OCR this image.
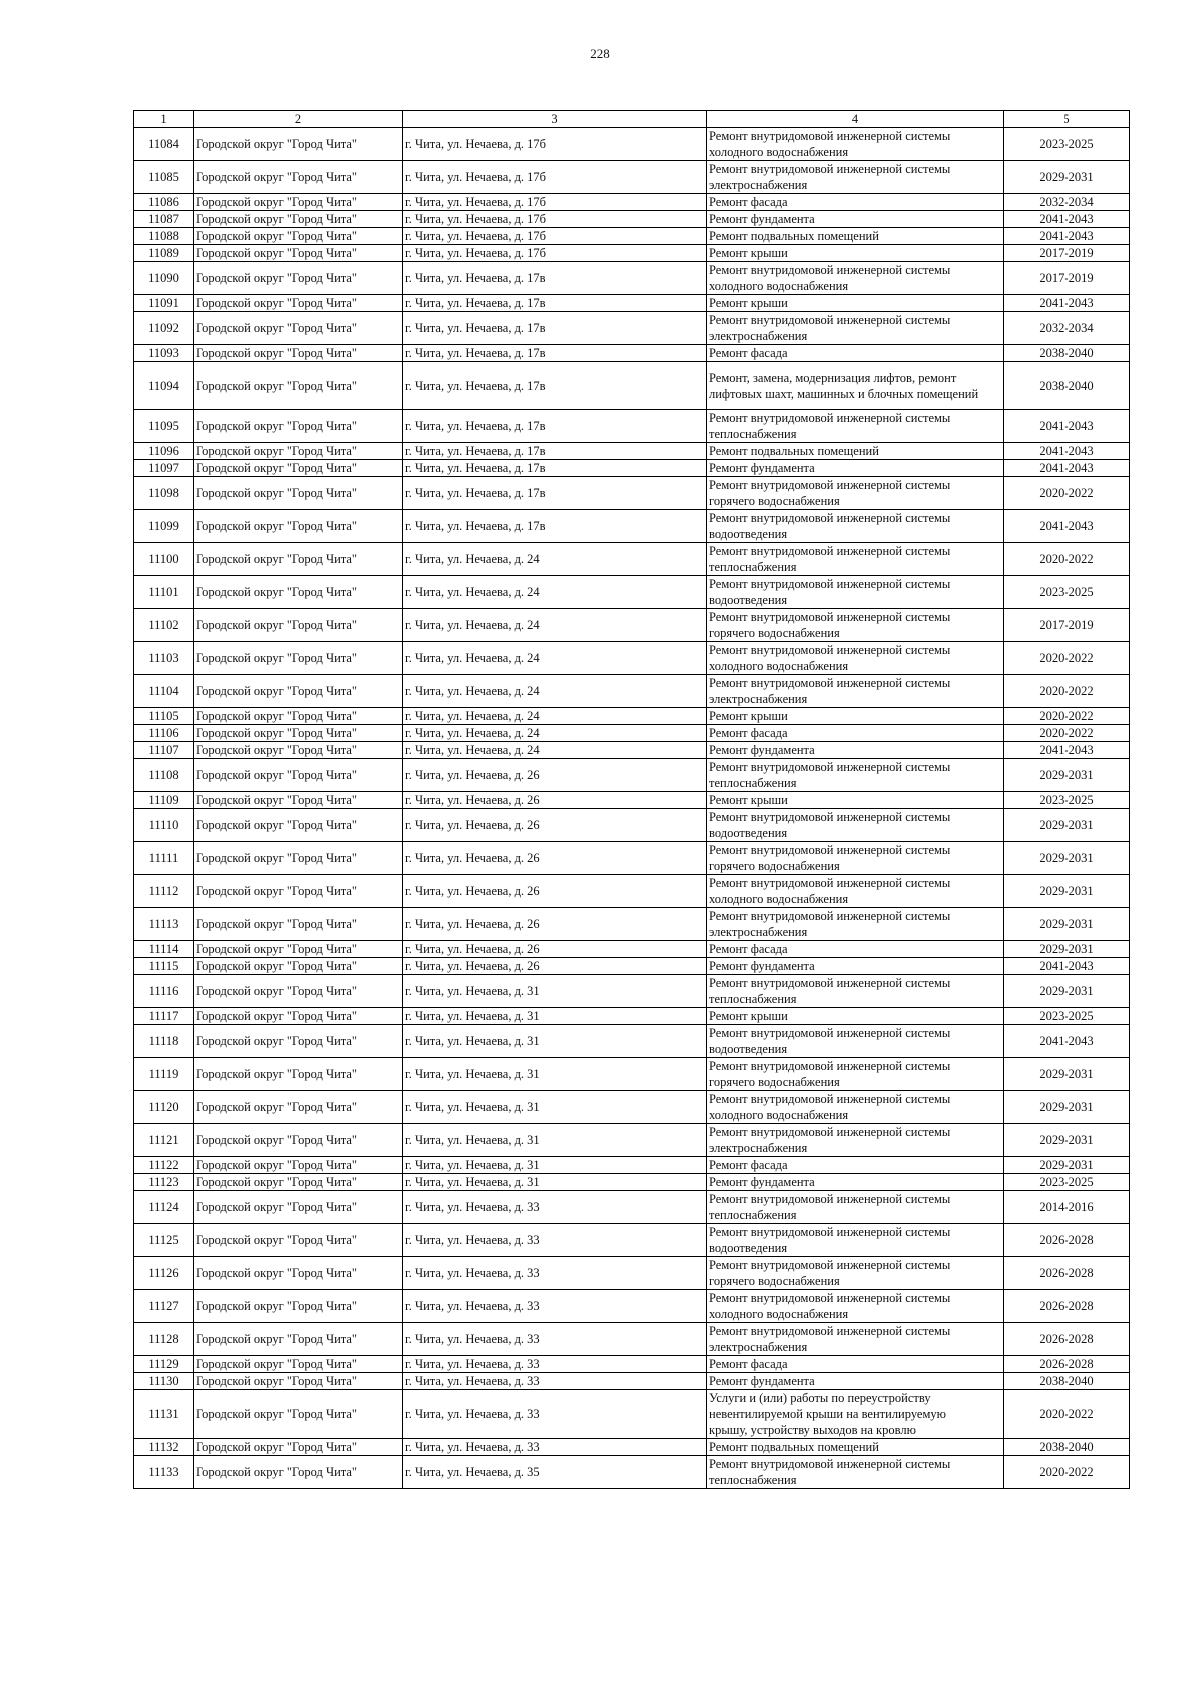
228
1	2	3	4	5
11084	Городской округ "Город Чита"	г. Чита, ул. Нечаева, д. 17б	Ремонт внутридомовой инженерной системы
холодного водоснабжения	2023-2025
11085	Городской округ "Город Чита"	г. Чита, ул. Нечаева, д. 17б	Ремонт внутридомовой инженерной системы
электроснабжения	2029-2031
11086	Городской округ "Город Чита"	г. Чита, ул. Нечаева, д. 17б	Ремонт фасада	2032-2034
11087	Городской округ "Город Чита"	г. Чита, ул. Нечаева, д. 17б	Ремонт фундамента	2041-2043
11088	Городской округ "Город Чита"	г. Чита, ул. Нечаева, д. 17б	Ремонт подвальных помещений	2041-2043
11089	Городской округ "Город Чита"	г. Чита, ул. Нечаева, д. 17б	Ремонт крыши	2017-2019
11090	Городской округ "Город Чита"	г. Чита, ул. Нечаева, д. 17в	Ремонт внутридомовой инженерной системы
холодного водоснабжения	2017-2019
11091	Городской округ "Город Чита"	г. Чита, ул. Нечаева, д. 17в	Ремонт крыши	2041-2043
11092	Городской округ "Город Чита"	г. Чита, ул. Нечаева, д. 17в	Ремонт внутридомовой инженерной системы
электроснабжения	2032-2034
11093	Городской округ "Город Чита"	г. Чита, ул. Нечаева, д. 17в	Ремонт фасада	2038-2040
11094	Городской округ "Город Чита"	г. Чита, ул. Нечаева, д. 17в	Ремонт, замена, модернизация лифтов, ремонт
лифтовых шахт, машинных и блочных помещений	2038-2040
11095	Городской округ "Город Чита"	г. Чита, ул. Нечаева, д. 17в	Ремонт внутридомовой инженерной системы
теплоснабжения	2041-2043
11096	Городской округ "Город Чита"	г. Чита, ул. Нечаева, д. 17в	Ремонт подвальных помещений	2041-2043
11097	Городской округ "Город Чита"	г. Чита, ул. Нечаева, д. 17в	Ремонт фундамента	2041-2043
11098	Городской округ "Город Чита"	г. Чита, ул. Нечаева, д. 17в	Ремонт внутридомовой инженерной системы
горячего водоснабжения	2020-2022
11099	Городской округ "Город Чита"	г. Чита, ул. Нечаева, д. 17в	Ремонт внутридомовой инженерной системы
водоотведения	2041-2043
11100	Городской округ "Город Чита"	г. Чита, ул. Нечаева, д. 24	Ремонт внутридомовой инженерной системы
теплоснабжения	2020-2022
11101	Городской округ "Город Чита"	г. Чита, ул. Нечаева, д. 24	Ремонт внутридомовой инженерной системы
водоотведения	2023-2025
11102	Городской округ "Город Чита"	г. Чита, ул. Нечаева, д. 24	Ремонт внутридомовой инженерной системы
горячего водоснабжения	2017-2019
11103	Городской округ "Город Чита"	г. Чита, ул. Нечаева, д. 24	Ремонт внутридомовой инженерной системы
холодного водоснабжения	2020-2022
11104	Городской округ "Город Чита"	г. Чита, ул. Нечаева, д. 24	Ремонт внутридомовой инженерной системы
электроснабжения	2020-2022
11105	Городской округ "Город Чита"	г. Чита, ул. Нечаева, д. 24	Ремонт крыши	2020-2022
11106	Городской округ "Город Чита"	г. Чита, ул. Нечаева, д. 24	Ремонт фасада	2020-2022
11107	Городской округ "Город Чита"	г. Чита, ул. Нечаева, д. 24	Ремонт фундамента	2041-2043
11108	Городской округ "Город Чита"	г. Чита, ул. Нечаева, д. 26	Ремонт внутридомовой инженерной системы
теплоснабжения	2029-2031
11109	Городской округ "Город Чита"	г. Чита, ул. Нечаева, д. 26	Ремонт крыши	2023-2025
11110	Городской округ "Город Чита"	г. Чита, ул. Нечаева, д. 26	Ремонт внутридомовой инженерной системы
водоотведения	2029-2031
11111	Городской округ "Город Чита"	г. Чита, ул. Нечаева, д. 26	Ремонт внутридомовой инженерной системы
горячего водоснабжения	2029-2031
11112	Городской округ "Город Чита"	г. Чита, ул. Нечаева, д. 26	Ремонт внутридомовой инженерной системы
холодного водоснабжения	2029-2031
11113	Городской округ "Город Чита"	г. Чита, ул. Нечаева, д. 26	Ремонт внутридомовой инженерной системы
электроснабжения	2029-2031
11114	Городской округ "Город Чита"	г. Чита, ул. Нечаева, д. 26	Ремонт фасада	2029-2031
11115	Городской округ "Город Чита"	г. Чита, ул. Нечаева, д. 26	Ремонт фундамента	2041-2043
11116	Городской округ "Город Чита"	г. Чита, ул. Нечаева, д. 31	Ремонт внутридомовой инженерной системы
теплоснабжения	2029-2031
11117	Городской округ "Город Чита"	г. Чита, ул. Нечаева, д. 31	Ремонт крыши	2023-2025
11118	Городской округ "Город Чита"	г. Чита, ул. Нечаева, д. 31	Ремонт внутридомовой инженерной системы
водоотведения	2041-2043
11119	Городской округ "Город Чита"	г. Чита, ул. Нечаева, д. 31	Ремонт внутридомовой инженерной системы
горячего водоснабжения	2029-2031
11120	Городской округ "Город Чита"	г. Чита, ул. Нечаева, д. 31	Ремонт внутридомовой инженерной системы
холодного водоснабжения	2029-2031
11121	Городской округ "Город Чита"	г. Чита, ул. Нечаева, д. 31	Ремонт внутридомовой инженерной системы
электроснабжения	2029-2031
11122	Городской округ "Город Чита"	г. Чита, ул. Нечаева, д. 31	Ремонт фасада	2029-2031
11123	Городской округ "Город Чита"	г. Чита, ул. Нечаева, д. 31	Ремонт фундамента	2023-2025
11124	Городской округ "Город Чита"	г. Чита, ул. Нечаева, д. 33	Ремонт внутридомовой инженерной системы
теплоснабжения	2014-2016
11125	Городской округ "Город Чита"	г. Чита, ул. Нечаева, д. 33	Ремонт внутридомовой инженерной системы
водоотведения	2026-2028
11126	Городской округ "Город Чита"	г. Чита, ул. Нечаева, д. 33	Ремонт внутридомовой инженерной системы
горячего водоснабжения	2026-2028
11127	Городской округ "Город Чита"	г. Чита, ул. Нечаева, д. 33	Ремонт внутридомовой инженерной системы
холодного водоснабжения	2026-2028
11128	Городской округ "Город Чита"	г. Чита, ул. Нечаева, д. 33	Ремонт внутридомовой инженерной системы
электроснабжения	2026-2028
11129	Городской округ "Город Чита"	г. Чита, ул. Нечаева, д. 33	Ремонт фасада	2026-2028
11130	Городской округ "Город Чита"	г. Чита, ул. Нечаева, д. 33	Ремонт фундамента	2038-2040
11131	Городской округ "Город Чита"	г. Чита, ул. Нечаева, д. 33	Услуги и (или) работы по переустройству
невентилируемой крыши на вентилируемую
крышу, устройству выходов на кровлю	2020-2022
11132	Городской округ "Город Чита"	г. Чита, ул. Нечаева, д. 33	Ремонт подвальных помещений	2038-2040
11133	Городской округ "Город Чита"	г. Чита, ул. Нечаева, д. 35	Ремонт внутридомовой инженерной системы
теплоснабжения	2020-2022
